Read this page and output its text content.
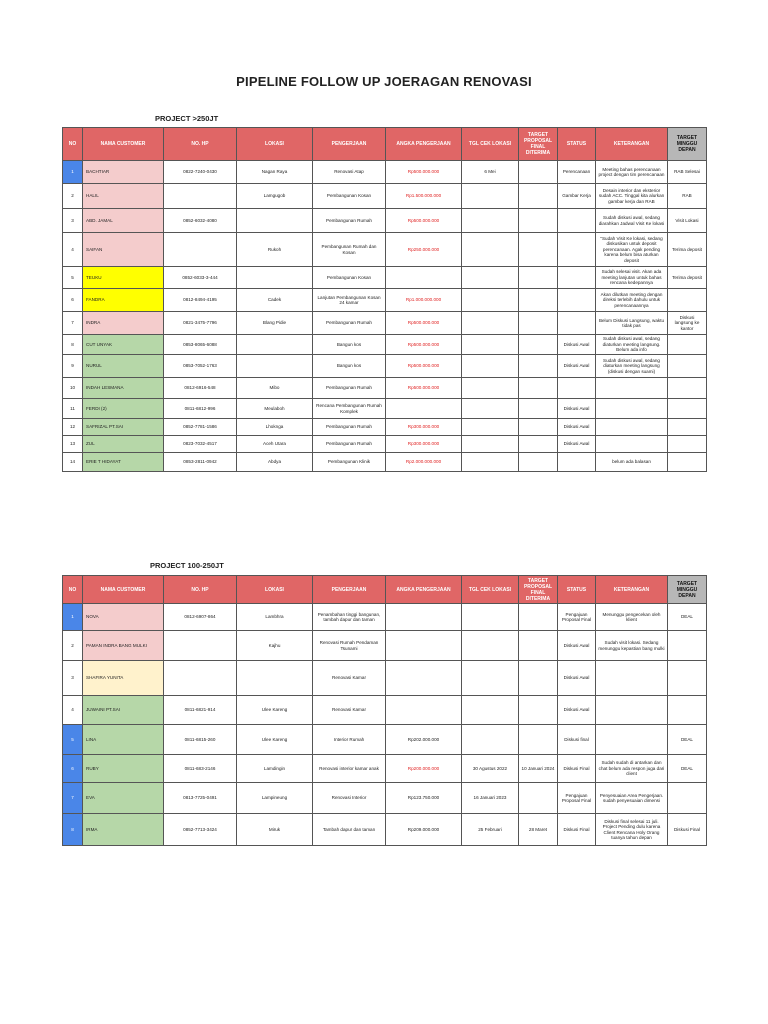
PIPELINE FOLLOW UP JOERAGAN RENOVASI
PROJECT >250JT
NO	NAMA CUSTOMER	NO. HP	LOKASI	PENGERJAAN	ANGKA PENGERJAAN	TGL CEK LOKASI	TARGET PROPOSAL FINAL DITERIMA	STATUS	KETERANGAN	TARGET MINGGU DEPAN
1	BACHTIAR	0822-7240-0430	Nagan Raya	Renovasi Atap	Rp500.000.000	6 Mei		Perencanaan	Meeting bahas perencanaan project dengan tim perencanaan	RAB Selesai
2	HALIL		Lamgugob	Pembangunan Kosan	Rp1.500.000.000			Gambar Kerja	Desain interior dan eksterior sudah ACC. Tinggal kita alurkan gambar kerja dan RAB	RAB
3	ABD. JAMAL	0852-6032-4080		Pembangunan Rumah	Rp500.000.000				Sudah diskusi awal, sedang diarahkan Jadwal Visit Ke lokasi	Visit Lokasi
4	SAIFAN		Rukoh	Pembangunan Rumah dan Kosan	Rp250.000.000				"Sudah Visit Ke lokasi, sedang diskusikan untuk deposit perencanaan. Agak pending karena belum bisa aturkan deposit	Terima deposit
5	TEUKU	0852-6033-3-444		Pembangunan Kosan					Sudah selesai visit. Akan ada meeting lanjutan untuk bahas rencana kedepannya	Terima deposit
6	FANDRA	0812-8494-4195	Cadek	Lanjutan Pembangunan Kosan 24 kamar	Rp1.000.000.000				Akan dilutkan meeting dengan direksi terlebih dahulu untuk perencanaannya	
7	INDRA	0821-3475-7796	Blang Pidie	Pembangunan Rumah	Rp500.000.000				Belum Diskusi Langsung, waktu tidak pas	Diskusi langsung ke kantor
8	CUT UNYAK	0853-8065-6088		Bangun kos	Rp500.000.000			Diskusi Awal	Sudah diskusi awal, sedang diaturkan meeting langsung. Belum ada info	
9	NURUL	0853-7052-1763		Bangun kos	Rp500.000.000			Diskusi Awal	Sudah diskusi awal, sedang diaturkan meeting langsung (diskusi dengan suami)	
10	INDAH LESMANA	0812-6916-548	Mibo	Pembangunan Rumah	Rp500.000.000					
11	FERDI (2)	0811-6812-996	Meulaboh	Rencana Pembangunan Rumah Komplek				Diskusi Awal		
12	SAFRIZAL PT.SAI	0852-7781-1586	Lhoknga	Pembangunan Rumah	Rp300.000.000			Diskusi Awal		
13	ZUL	0823-7032-4517	Aceh Utara	Pembangunan Rumah	Rp300.000.000			Diskusi Awal		
14	ERIE T HIDAYAT	0853-2811-0942	Abdya	Pembangunan Klinik	Rp2.000.000.000				belum ada balasan	
PROJECT 100-250JT
NO	NAMA CUSTOMER	NO. HP	LOKASI	PENGERJAAN	ANGKA PENGERJAAN	TGL CEK LOKASI	TARGET PROPOSAL FINAL DITERIMA	STATUS	KETERANGAN	TARGET MINGGU DEPAN
1	NOVA	0812-6907-864	Lambhra	Penambahan tinggi bangunan, tambah dapur dan taman				Pengajuan Proposal Final	Menunggu pengecekan oleh klient	DEAL
2	PAMAN INDRA BANG MULKI		Kajhu	Renovasi Rumah Pendaman Tsunami				Diskusi Awal	Sudah visit lokasi. Sedang menunggu kepastian bang mulki	
3	SHAFIRA YUNITA			Renovasi Kamar				Diskusi Awal		
4	JUWAINI PT.SAI	0811-6821-914	Ulee Kareng	Renovasi Kamar				Diskusi Awal		
5	LINA	0811-6815-260	Ulee Kareng	Interior Rumah	Rp202.000.000			Diskusi final		DEAL
6	RUBY	0811-683-2146	Lamdingin	Renovasi interior kamar anak	Rp200.000.000	30 Agustus 2022	10 Januari 2024	Diskusi Final	Sudah sudah di antarkan dan chat belum ada respon juga dari client	DEAL
7	EVA	0813-7725-0491	Lampineung	Renovasi Interior	Rp123.750.000	16 Januari 2023		Pengajuan Proposal Final	Penyesuaian Area Pengerjaan. sudah penyesuaian dimensi	
8	IRMA	0852-7713-3424	Miruk	Tambah dapur dan taman	Rp209.000.000	25 Februari	28 Maret	Diskusi Final	Diskusi final selesai 11 juli. Project Pending dulu karena Client Rencana Holy Orang tuanya tahun depan	Diskusi Final
